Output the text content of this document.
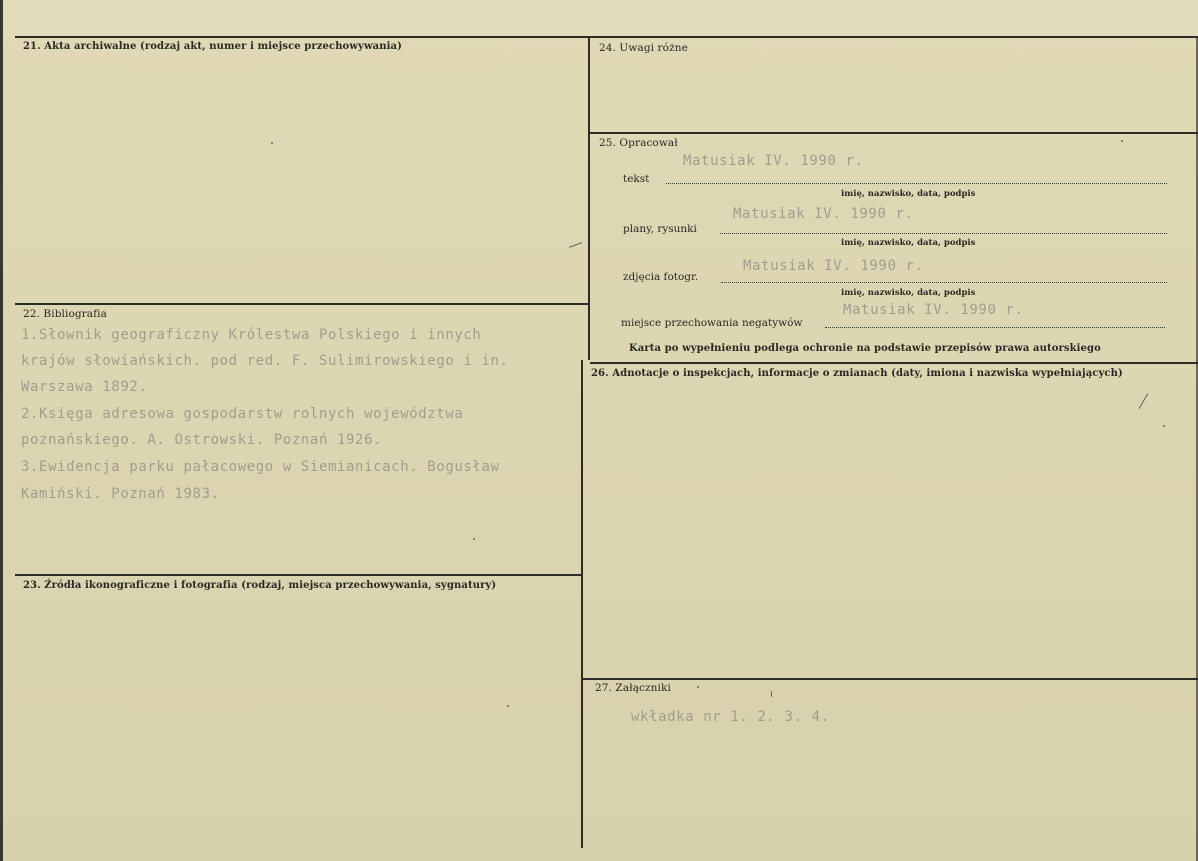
21. Akta archiwalne (rodzaj akt, numer i miejsce przechowywania)
22. Bibliografia
1.Słownik geograficzny Królestwa Polskiego i innych
krajów słowiańskich. pod red. F. Sulimirowskiego i in.
Warszawa 1892.
2.Księga adresowa gospodarstw rolnych województwa
poznańskiego. A. Ostrowski. Poznań 1926.
3.Ewidencja parku pałacowego w Siemianicach. Bogusław
Kamiński. Poznań 1983.
23. Źródła ikonograficzne i fotografia (rodzaj, miejsca przechowywania, sygnatury)
24. Uwagi różne
25. Opracował
Matusiak IV. 1990 r.
tekst
imię, nazwisko, data, podpis
Matusiak IV. 1990 r.
plany, rysunki
imię, nazwisko, data, podpis
Matusiak IV. 1990 r.
zdjęcia fotogr.
imię, nazwisko, data, podpis
Matusiak IV. 1990 r.
miejsce przechowania negatywów
Karta po wypełnieniu podlega ochronie na podstawie przepisów prawa autorskiego
26. Adnotacje o inspekcjach, informacje o zmianach (daty, imiona i nazwiska wypełniających)
27. Załączniki
wkładka nr 1. 2. 3. 4.
